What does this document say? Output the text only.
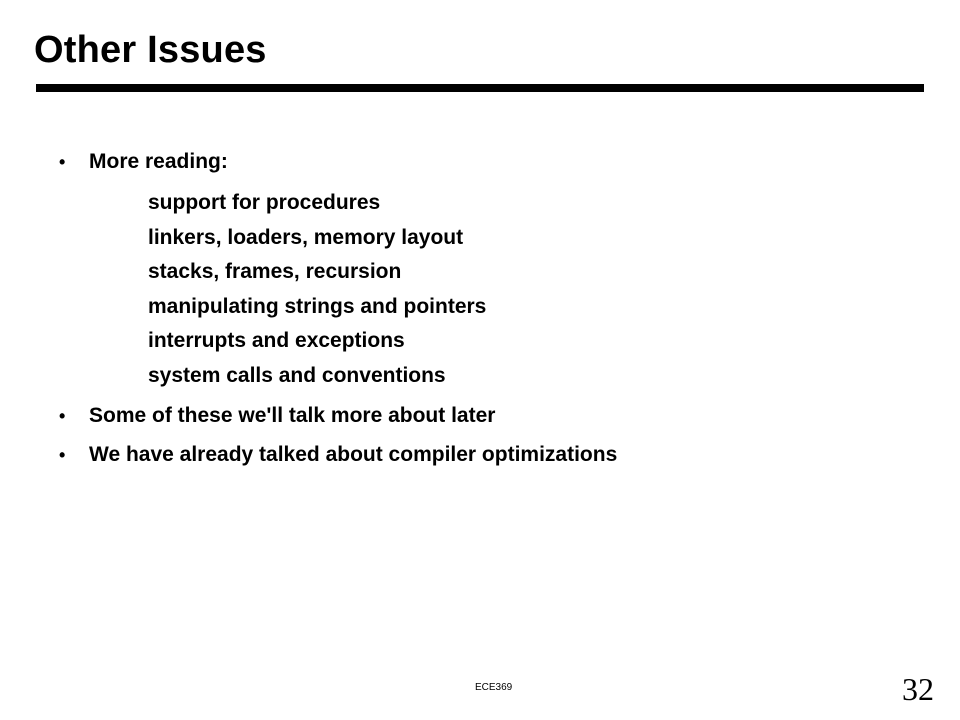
Other Issues
• More reading:
support for procedures
linkers, loaders, memory layout
stacks, frames, recursion
manipulating strings and pointers
interrupts and exceptions
system calls and conventions
• Some of these we'll talk more about later
• We have already talked about compiler optimizations
ECE369	32
